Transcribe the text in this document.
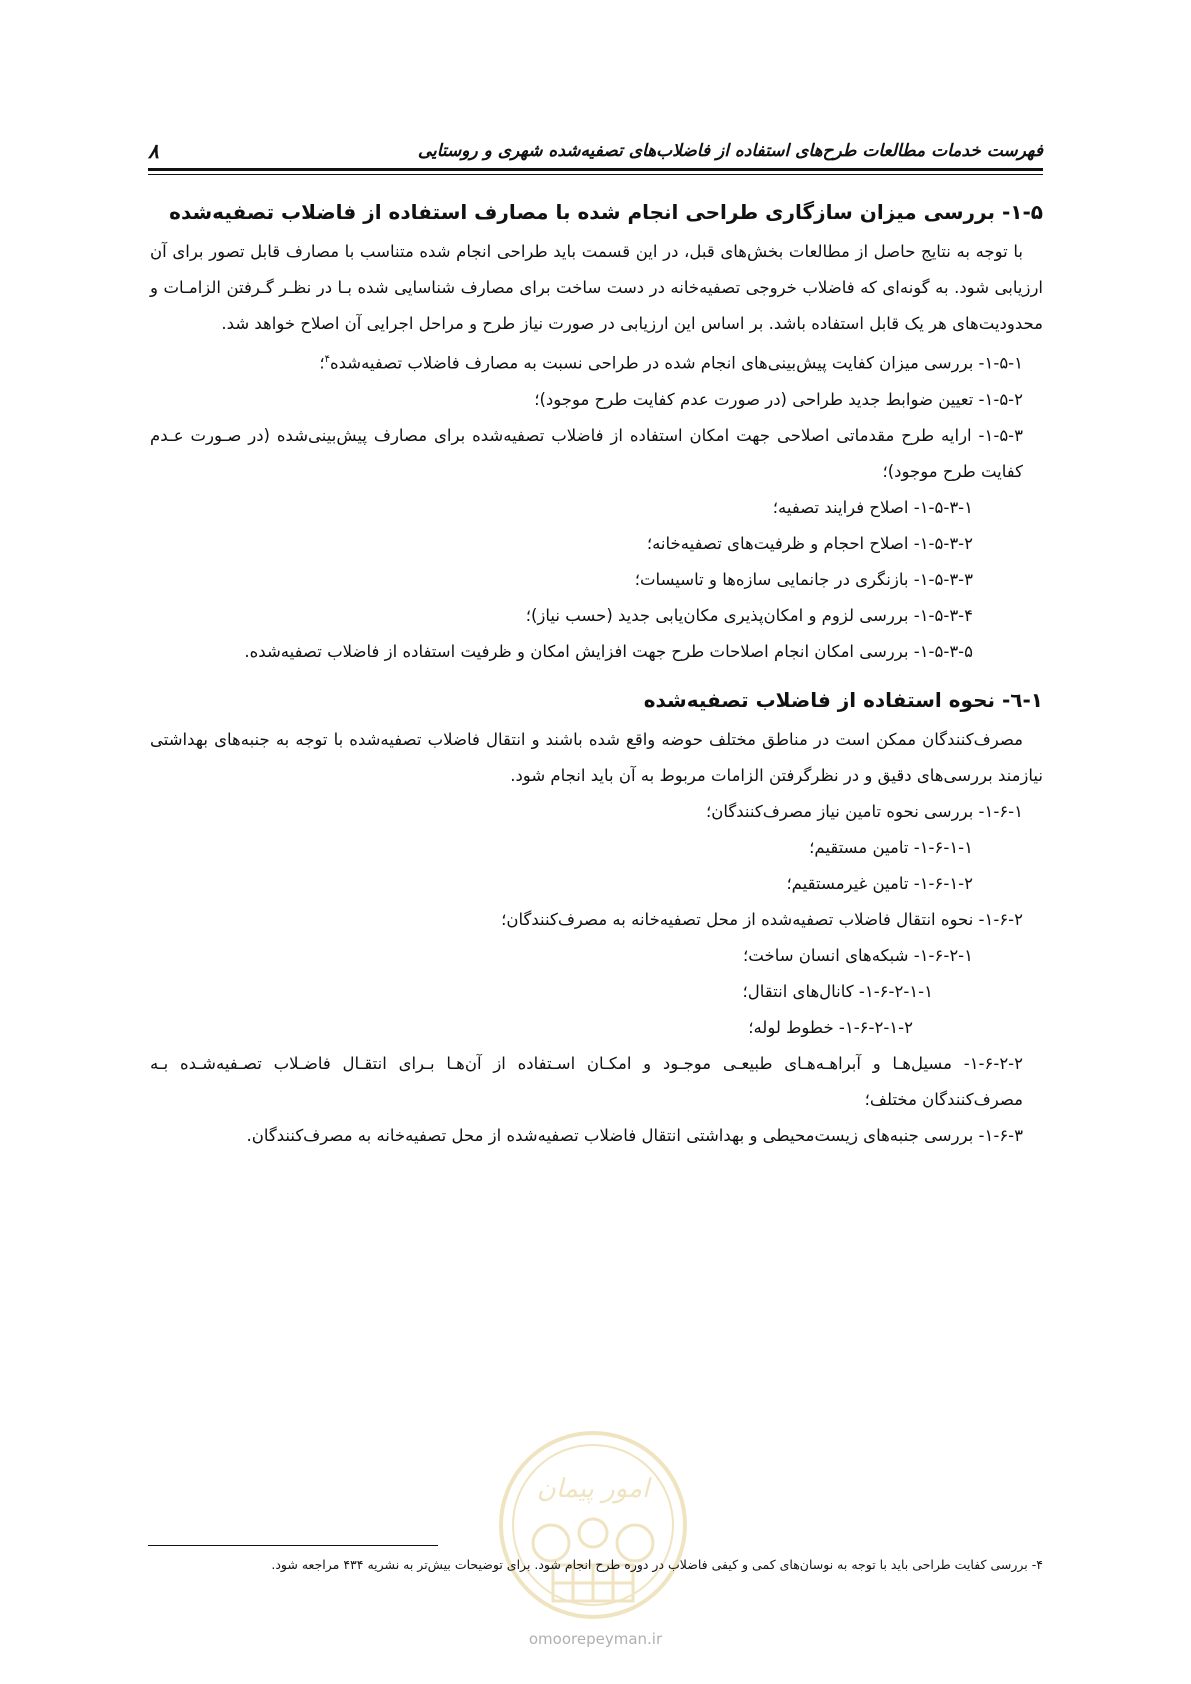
فهرست خدمات مطالعات طرح‌های استفاده از فاضلاب‌های تصفیه‌شده شهری و روستایی
۸
۱-۵- بررسی میزان سازگاری طراحی انجام شده با مصارف استفاده از فاضلاب تصفیه‌شده

با توجه به نتایج حاصل از مطالعات بخش‌های قبل، در این قسمت باید طراحی انجام شده متناسب با مصارف قابل تصور برای آن ارزیابی شود. به گونه‌ای که فاضلاب خروجی تصفیه‌خانه در دست ساخت برای مصارف شناسایی شده بـا در نظـر گـرفتن الزامـات و محدودیت‌های هر یک قابل استفاده باشد. بر اساس این ارزیابی در صورت نیاز طرح و مراحل اجرایی آن اصلاح خواهد شد.

۱-۵-۱- بررسی میزان کفایت پیش‌بینی‌های انجام شده در طراحی نسبت به مصارف فاضلاب تصفیه‌شده$^۴$؛

۱-۵-۲- تعیین ضوابط جدید طراحی (در صورت عدم کفایت طرح موجود)؛

۱-۵-۳- ارایه طرح مقدماتی اصلاحی جهت امکان استفاده از فاضلاب تصفیه‌شده برای مصارف پیش‌بینی‌شده (در صـورت عـدم کفایت طرح موجود)؛

۱-۵-۳-۱- اصلاح فرایند تصفیه؛

۱-۵-۳-۲- اصلاح احجام و ظرفیت‌های تصفیه‌خانه؛

۱-۵-۳-۳- بازنگری در جانمایی سازه‌ها و تاسیسات؛

۱-۵-۳-۴- بررسی لزوم و امکان‌پذیری مکان‌یابی جدید (حسب نیاز)؛

۱-۵-۳-۵- بررسی امکان انجام اصلاحات طرح جهت افزایش امکان و ظرفیت استفاده از فاضلاب تصفیه‌شده.

۱-٦- نحوه استفاده از فاضلاب تصفیه‌شده

مصرف‌کنندگان ممکن است در مناطق مختلف حوضه واقع شده باشند و انتقال فاضلاب تصفیه‌شده با توجه به جنبه‌های بهداشتی نیازمند بررسی‌های دقیق و در نظرگرفتن الزامات مربوط به آن باید انجام شود.

۱-۶-۱- بررسی نحوه تامین نیاز مصرف‌کنندگان؛

۱-۶-۱-۱- تامین مستقیم؛

۱-۶-۱-۲- تامین غیرمستقیم؛

۱-۶-۲- نحوه انتقال فاضلاب تصفیه‌شده از محل تصفیه‌خانه به مصرف‌کنندگان؛

۱-۶-۲-۱- شبکه‌های انسان ساخت؛

۱-۶-۲-۱-۱- کانال‌های انتقال؛

۱-۶-۲-۱-۲- خطوط لوله؛

۱-۶-۲-۲- مسیل‌هـا و آبراهـه‌هـای طبیعـی موجـود و امکـان اسـتفاده از آن‌هـا بـرای انتقـال فاضـلاب تصـفیه‌شـده بـه مصرف‌کنندگان مختلف؛

۱-۶-۳- بررسی جنبه‌های زیست‌محیطی و بهداشتی انتقال فاضلاب تصفیه‌شده از محل تصفیه‌خانه به مصرف‌کنندگان.

امور پیمان
omoorepeyman.ir
۴- بررسی کفایت طراحی باید با توجه به نوسان‌های کمی و کیفی فاضلاب در دوره طرح انجام شود. برای توضیحات بیش‌تر به نشریه ۴۳۴ مراجعه شود.
